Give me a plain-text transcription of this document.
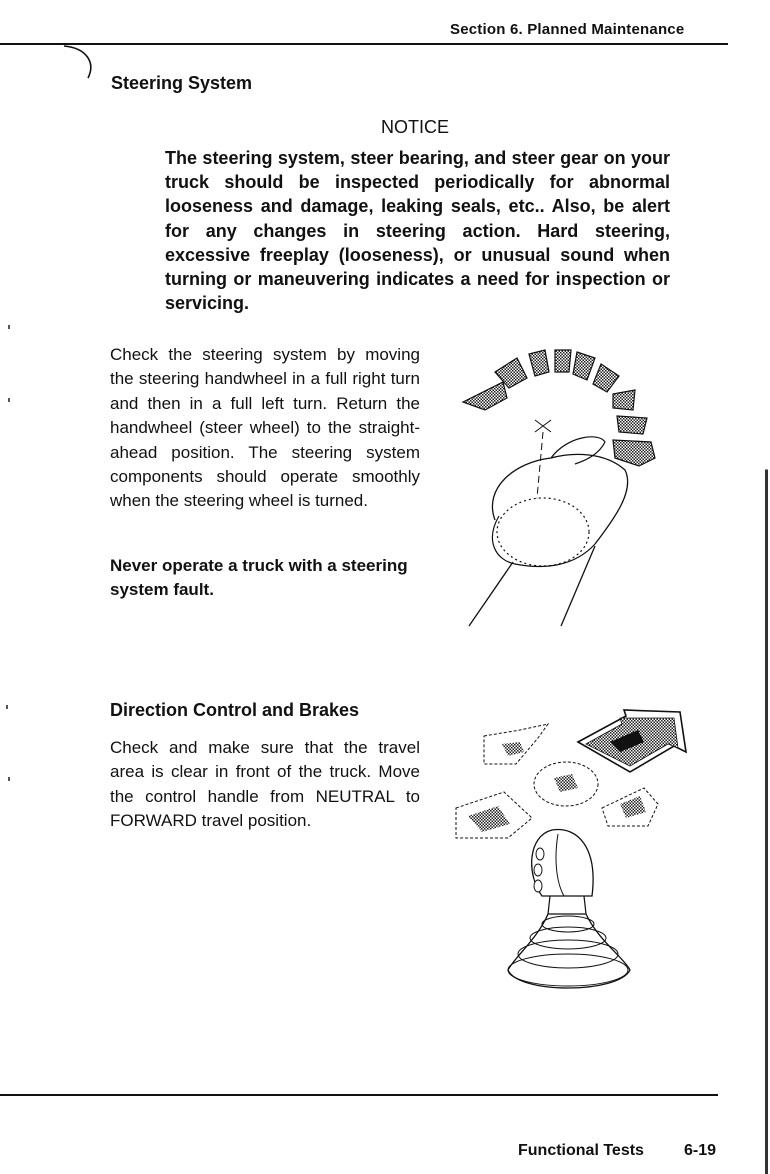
Section 6. Planned Maintenance
Steering System
NOTICE
The steering system, steer bearing, and steer gear on your truck should be inspected periodically for abnormal looseness and damage, leaking seals, etc.. Also, be alert for any changes in steering action. Hard steering, excessive freeplay (looseness), or unusual sound when turning or maneuvering indicates a need for inspection or servicing.
Check the steering system by moving the steering handwheel in a full right turn and then in a full left turn. Return the handwheel (steer wheel) to the straight-ahead position. The steering system components should operate smoothly when the steering wheel is turned.
Never operate a truck with a steering system fault.
Direction Control and Brakes
Check and make sure that the travel area is clear in front of the truck. Move the control handle from NEUTRAL to FORWARD travel position.
Functional Tests	6-19
